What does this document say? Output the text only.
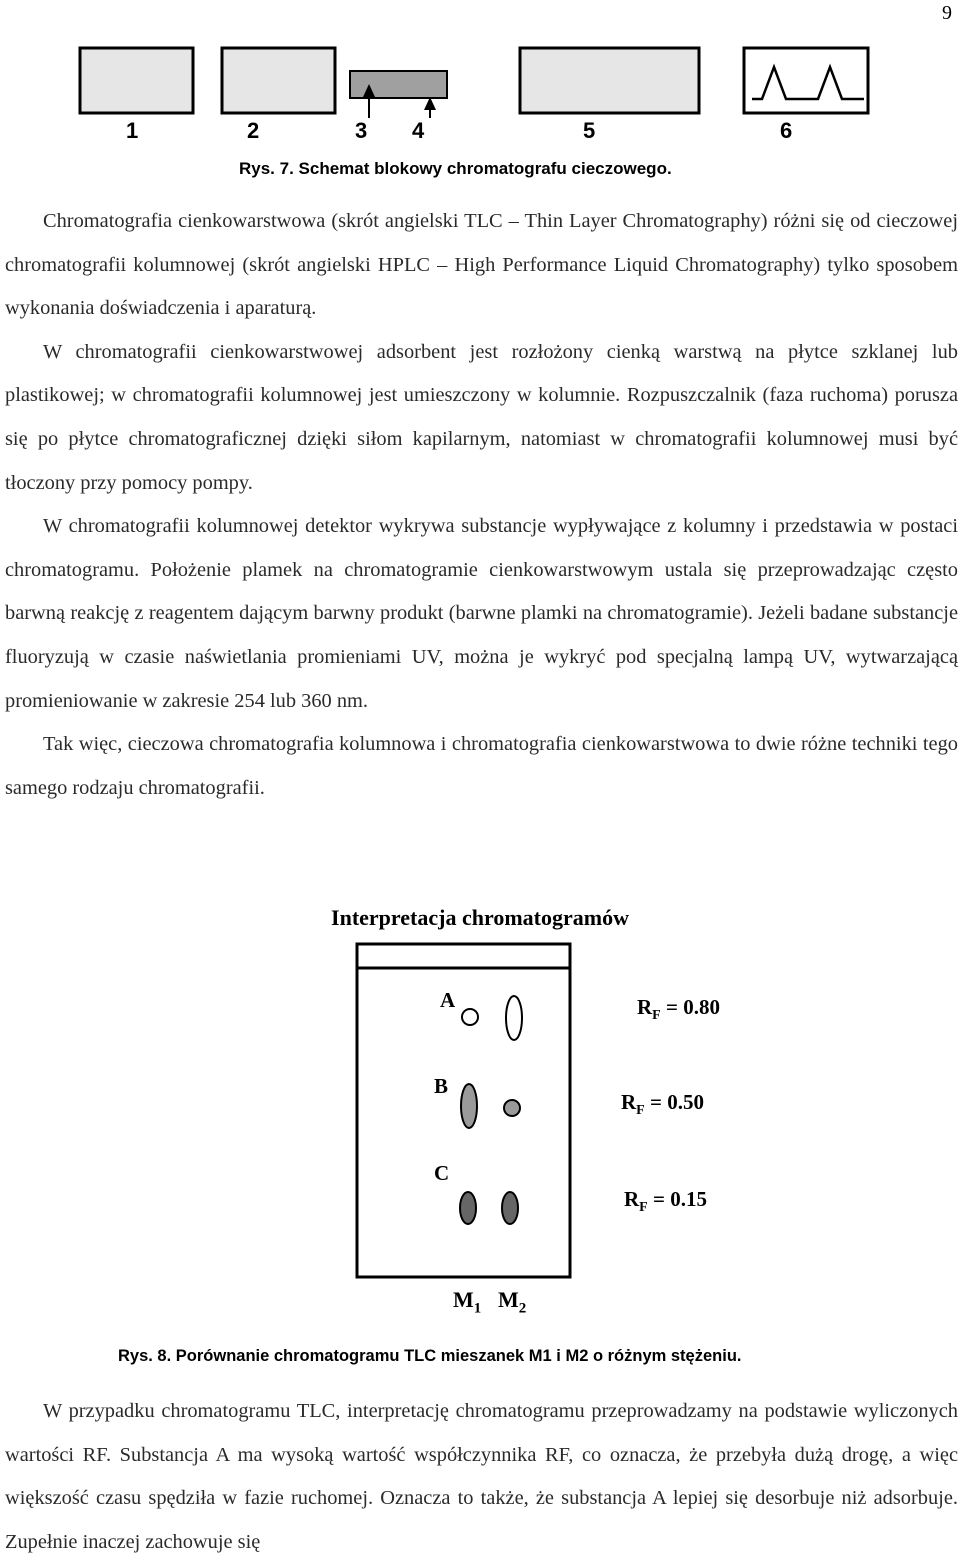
9
1	2	3 4	5	6
Rys. 7. Schemat blokowy chromatografu cieczowego.

Chromatografia cienkowarstwowa (skrót angielski TLC – Thin Layer Chromatography) różni się od cieczowej chromatografii kolumnowej (skrót angielski HPLC – High Performance Liquid Chromatography) tylko sposobem wykonania doświadczenia i aparaturą.

W chromatografii cienkowarstwowej adsorbent jest rozłożony cienką warstwą na płytce szklanej lub plastikowej; w chromatografii kolumnowej jest umieszczony w kolumnie. Rozpuszczalnik (faza ruchoma) porusza się po płytce chromatograficznej dzięki siłom kapilarnym, natomiast w chromatografii kolumnowej musi być tłoczony przy pomocy pompy.

W chromatografii kolumnowej detektor wykrywa substancje wypływające z kolumny i przedstawia w postaci chromatogramu. Położenie plamek na chromatogramie cienkowarstwowym ustala się przeprowadzając często barwną reakcję z reagentem dającym barwny produkt (barwne plamki na chromatogramie). Jeżeli badane substancje fluoryzują w czasie naświetlania promieniami UV, można je wykryć pod specjalną lampą UV, wytwarzającą promieniowanie w zakresie 254 lub 360 nm.

Tak więc, cieczowa chromatografia kolumnowa i chromatografia cienkowarstwowa to dwie różne techniki tego samego rodzaju chromatografii.

Interpretacja chromatogramów
A
B
C
$R_F = 0.80$
$R_F = 0.50$
$R_F = 0.15$
$M_1$ $M_2$
Rys. 8. Porównanie chromatogramu TLC mieszanek M1 i M2 o różnym stężeniu.

W przypadku chromatogramu TLC, interpretację chromatogramu przeprowadzamy na podstawie wyliczonych wartości RF. Substancja A ma wysoką wartość współczynnika RF, co oznacza, że przebyła dużą drogę, a więc większość czasu spędziła w fazie ruchomej. Oznacza to także, że substancja A lepiej się desorbuje niż adsorbuje. Zupełnie inaczej zachowuje się
